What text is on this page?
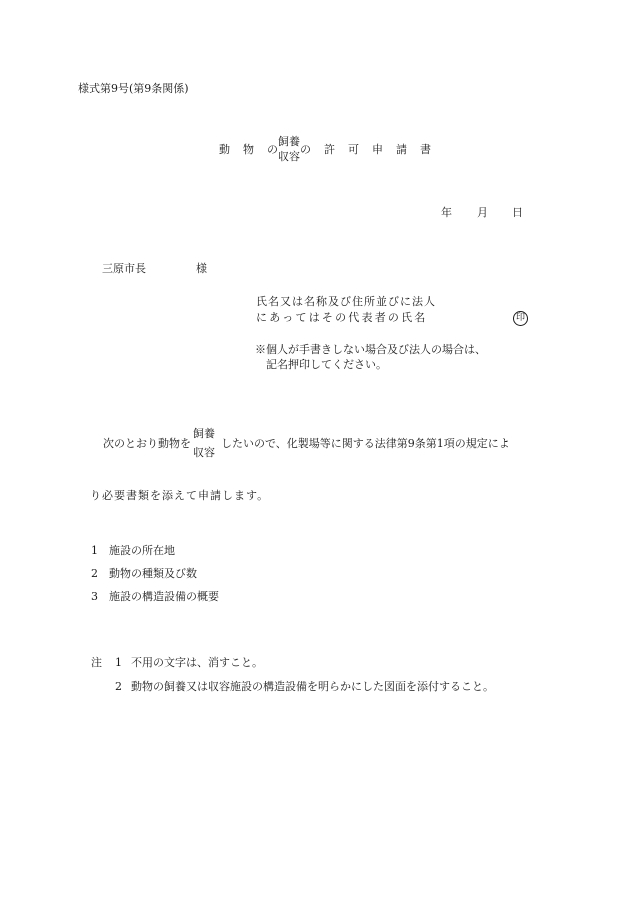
様式第9号(第9条関係)
動 物 の
飼養
収容
の 許 可 申 請 書
年 月 日
三原市長	様
氏名又は名称及び住所並びに法人
にあってはその代表者の氏名	印
※個人が手書きしない場合及び法人の場合は、
記名押印してください。
次のとおり動物を
飼養
収容
したいので、化製場等に関する法律第9条第1項の規定によ
り必要書類を添えて申請します。
1 施設の所在地
2 動物の種類及び数
3 施設の構造設備の概要
注 1 不用の文字は、消すこと。
2 動物の飼養又は収容施設の構造設備を明らかにした図面を添付すること。
